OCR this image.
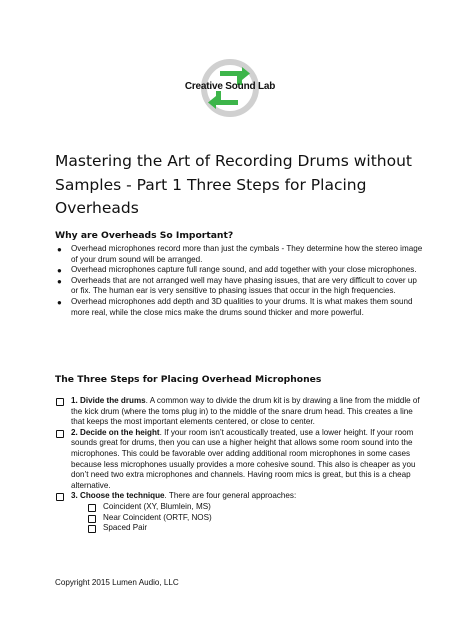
Creative Sound Lab
Mastering the Art of Recording Drums without Samples - Part 1 Three Steps for Placing Overheads
Why are Overheads So Important?
● Overhead microphones record more than just the cymbals - They determine how the stereo image of your drum sound will be arranged.
● Overhead microphones capture full range sound, and add together with your close microphones.
● Overheads that are not arranged well may have phasing issues, that are very difficult to cover up or fix. The human ear is very sensitive to phasing issues that occur in the high frequencies.
● Overhead microphones add depth and 3D qualities to your drums. It is what makes them sound more real, while the close mics make the drums sound thicker and more powerful.
The Three Steps for Placing Overhead Microphones
1. Divide the drums. A common way to divide the drum kit is by drawing a line from the middle of the kick drum (where the toms plug in) to the middle of the snare drum head. This creates a line that keeps the most important elements centered, or close to center.
2. Decide on the height. If your room isn’t acoustically treated, use a lower height. If your room sounds great for drums, then you can use a higher height that allows some room sound into the microphones. This could be favorable over adding additional room microphones in some cases because less microphones usually provides a more cohesive sound. This also is cheaper as you don’t need two extra microphones and channels. Having room mics is great, but this is a cheap alternative.
3. Choose the technique. There are four general approaches:
Coincident (XY, Blumlein, MS)
Near Coincident (ORTF, NOS)
Spaced Pair
Copyright 2015 Lumen Audio, LLC
